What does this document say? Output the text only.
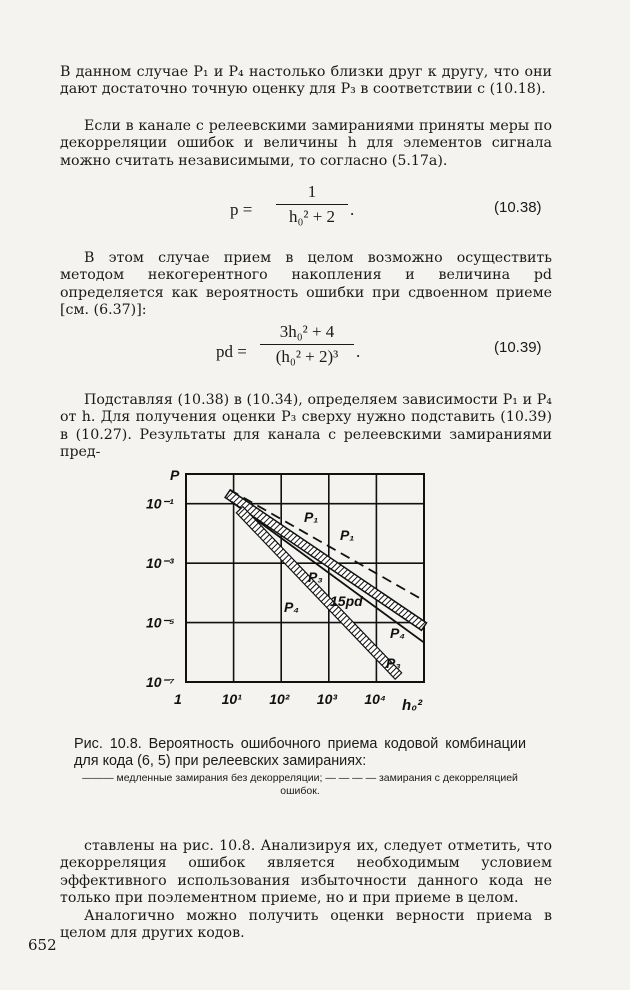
В данном случае P₁ и P₄ настолько близки друг к другу, что они дают достаточно точную оценку для P₃ в соответствии с (10.18).

Если в канале с релеевскими замираниями приняты меры по декорреляции ошибок и величины h для элементов сигнала можно считать независимыми, то согласно (5.17а).

$p = \frac{1}{\text{h₀² + 2}}$ .	(10.38)

В этом случае прием в целом возможно осуществить методом некогерентного накопления и величина pd определяется как вероятность ошибки при сдвоенном приеме [см. (6.37)]:

pd = $\frac{\text{3h₀² + 4}}{\text{(h₀² + 2)³}}$ .	(10.39)

Подставляя (10.38) в (10.34), определяем зависимости P₁ и P₄ от h. Для получения оценки P₃ сверху нужно подставить (10.39) в (10.27). Результаты для канала с релеевскими замираниями пред-

1	10¹ 10² 10³ 10⁴
10⁻¹
10⁻³
10⁻⁵
10⁻⁷
P
h₀²
P₁
P₁
P₃
P₄ 15pd
P₄
P₃
Рис. 10.8. Вероятность ошибочного приема кодовой комбинации для кода (6, 5) при релеевских замираниях:
——— медленные замирания без декорреляции; — — — — замирания с декорреляцией ошибок.

ставлены на рис. 10.8. Анализируя их, следует отметить, что декорреляция ошибок является необходимым условием эффективного использования избыточности данного кода не только при поэлементном приеме, но и при приеме в целом.

Аналогично можно получить оценки верности приема в целом для других кодов.

652
